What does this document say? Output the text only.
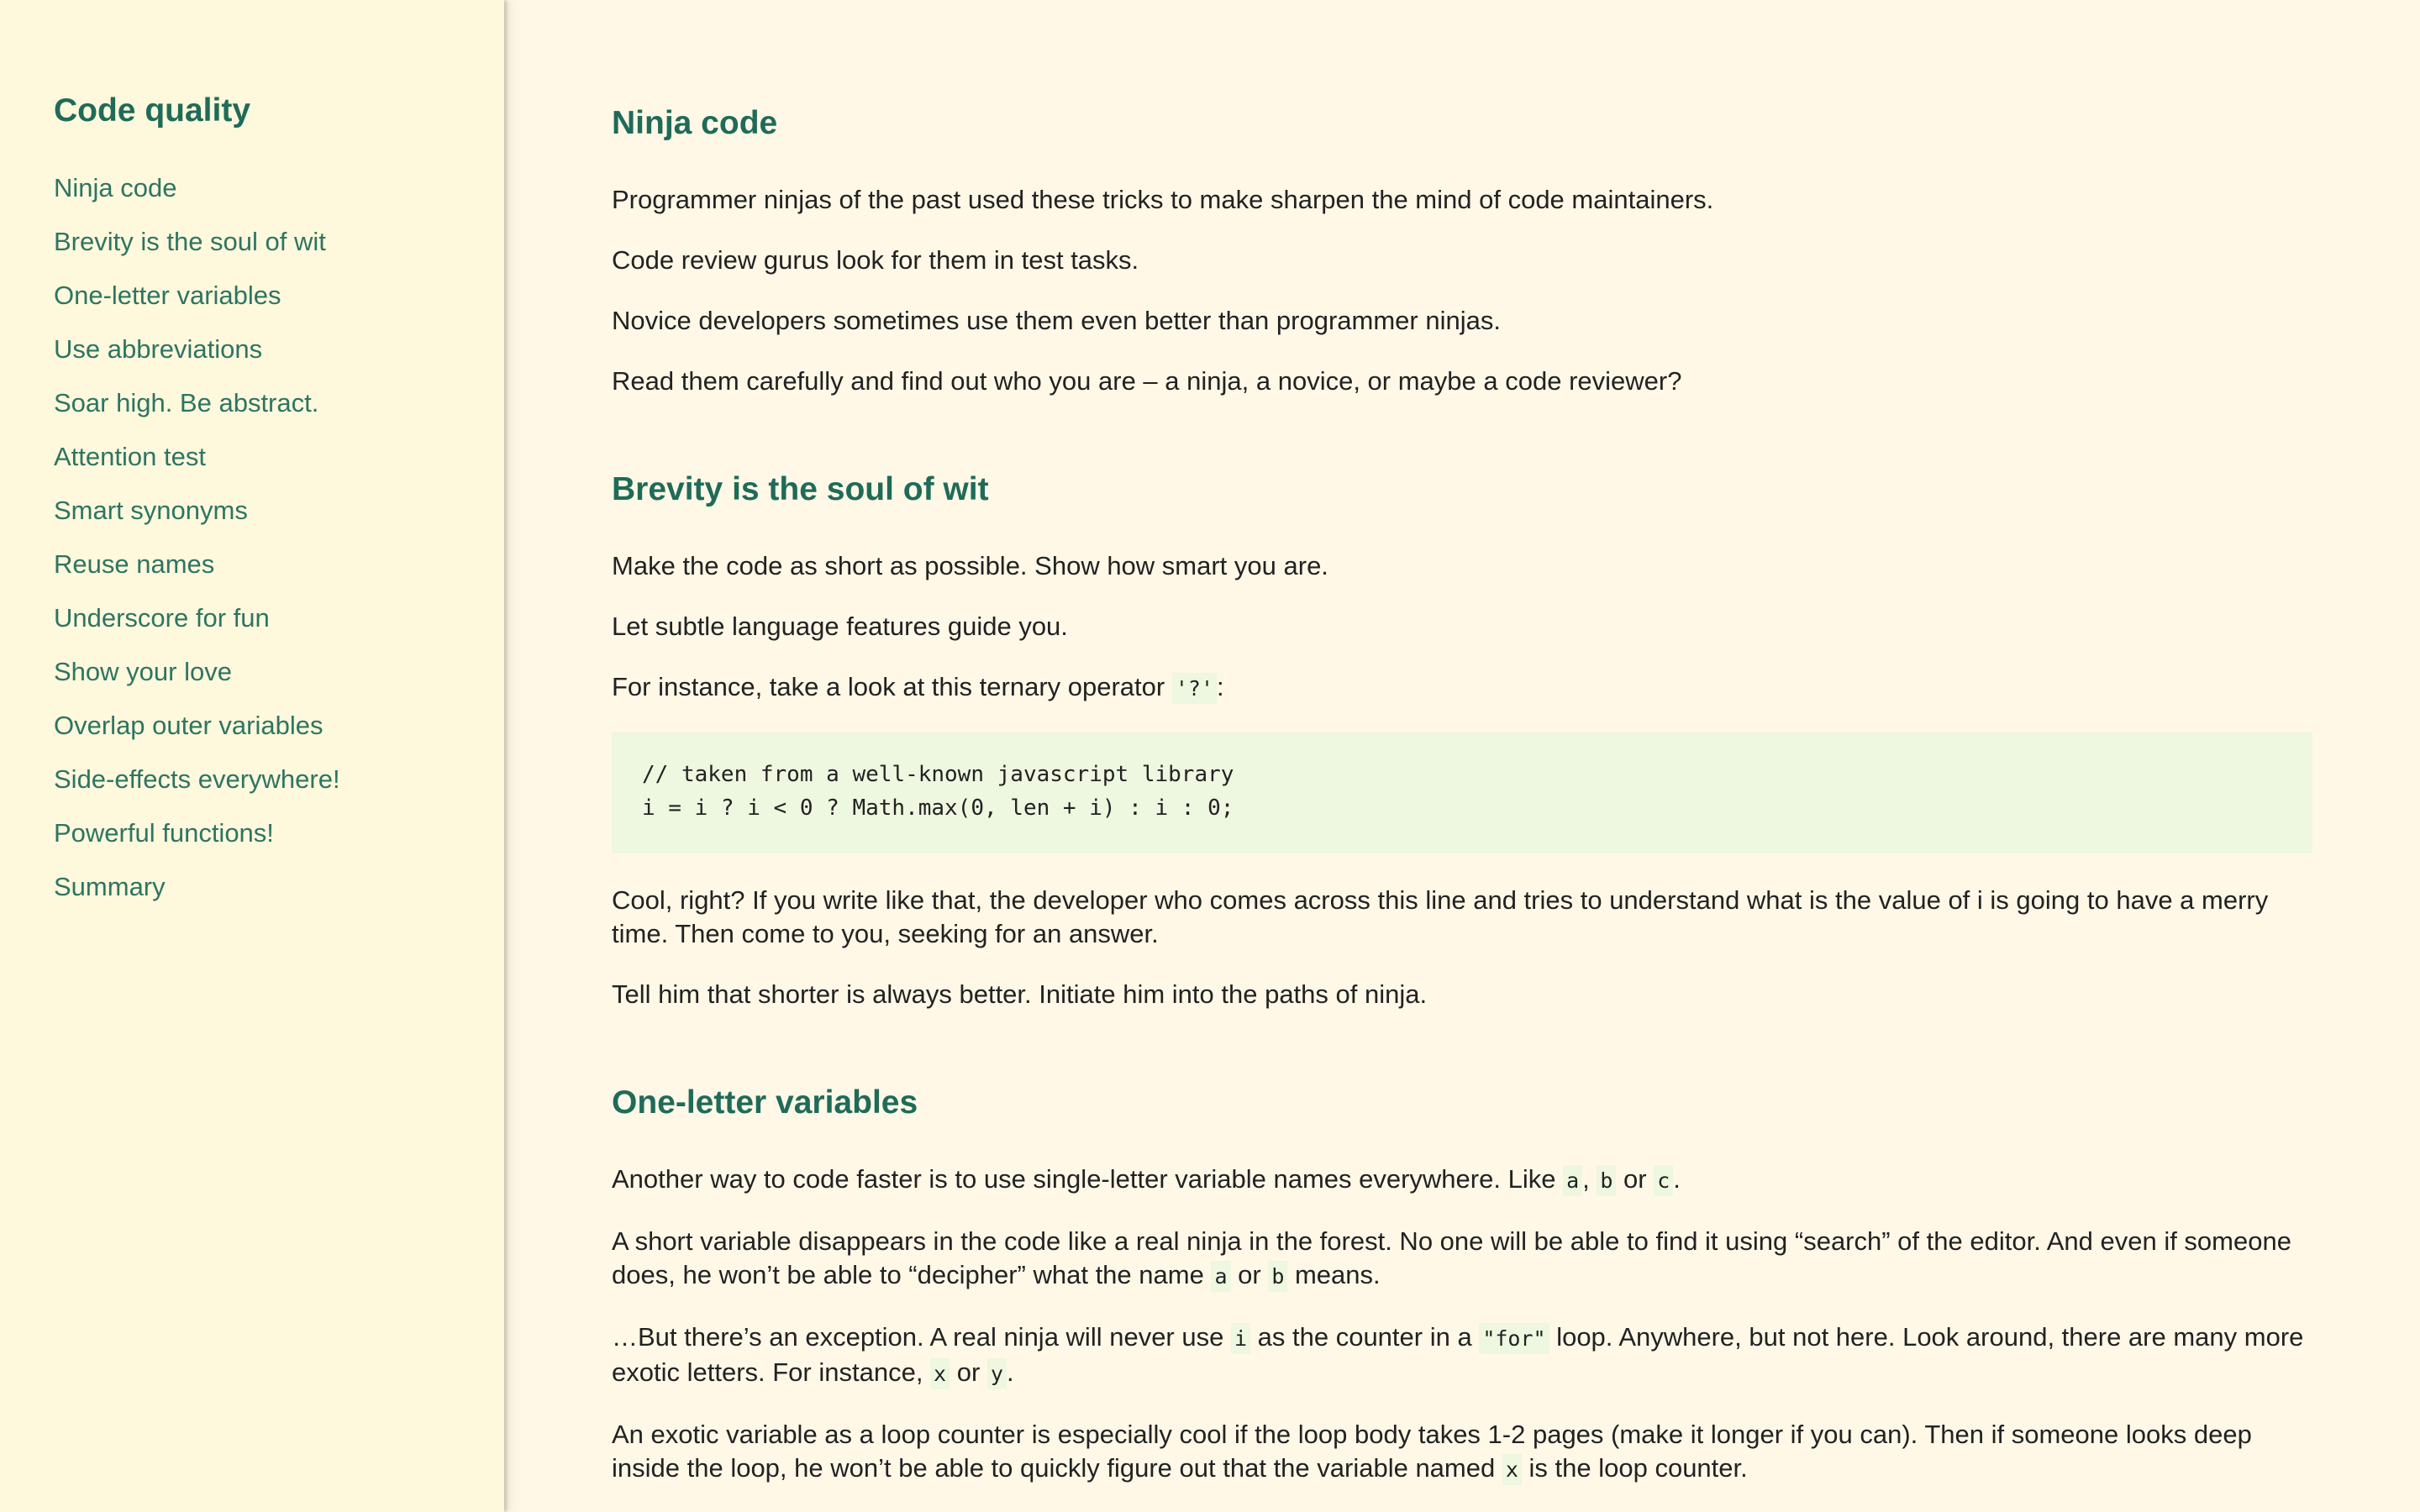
Code quality
Ninja code
Brevity is the soul of wit
One-letter variables
Use abbreviations
Soar high. Be abstract.
Attention test
Smart synonyms
Reuse names
Underscore for fun
Show your love
Overlap outer variables
Side-effects everywhere!
Powerful functions!
Summary
Ninja code

Programmer ninjas of the past used these tricks to make sharpen the mind of code maintainers.

Code review gurus look for them in test tasks.

Novice developers sometimes use them even better than programmer ninjas.

Read them carefully and find out who you are – a ninja, a novice, or maybe a code reviewer?

Brevity is the soul of wit

Make the code as short as possible. Show how smart you are.

Let subtle language features guide you.

For instance, take a look at this ternary operator '?' :

// taken from a well-known javascript library
i = i ? i < 0 ? Math.max(0, len + i) : i : 0;

Cool, right? If you write like that, the developer who comes across this line and tries to understand what is the value of i is going to have a merry time. Then come to you, seeking for an answer.

Tell him that shorter is always better. Initiate him into the paths of ninja.

One-letter variables

Another way to code faster is to use single-letter variable names everywhere. Like a , b or c .

A short variable disappears in the code like a real ninja in the forest. No one will be able to find it using “search” of the editor. And even if someone does, he won’t be able to “decipher” what the name a or b means.

…But there’s an exception. A real ninja will never use i as the counter in a "for" loop. Anywhere, but not here. Look around, there are many more exotic letters. For instance, x or y .

An exotic variable as a loop counter is especially cool if the loop body takes 1-2 pages (make it longer if you can). Then if someone looks deep inside the loop, he won’t be able to quickly figure out that the variable named x is the loop counter.
